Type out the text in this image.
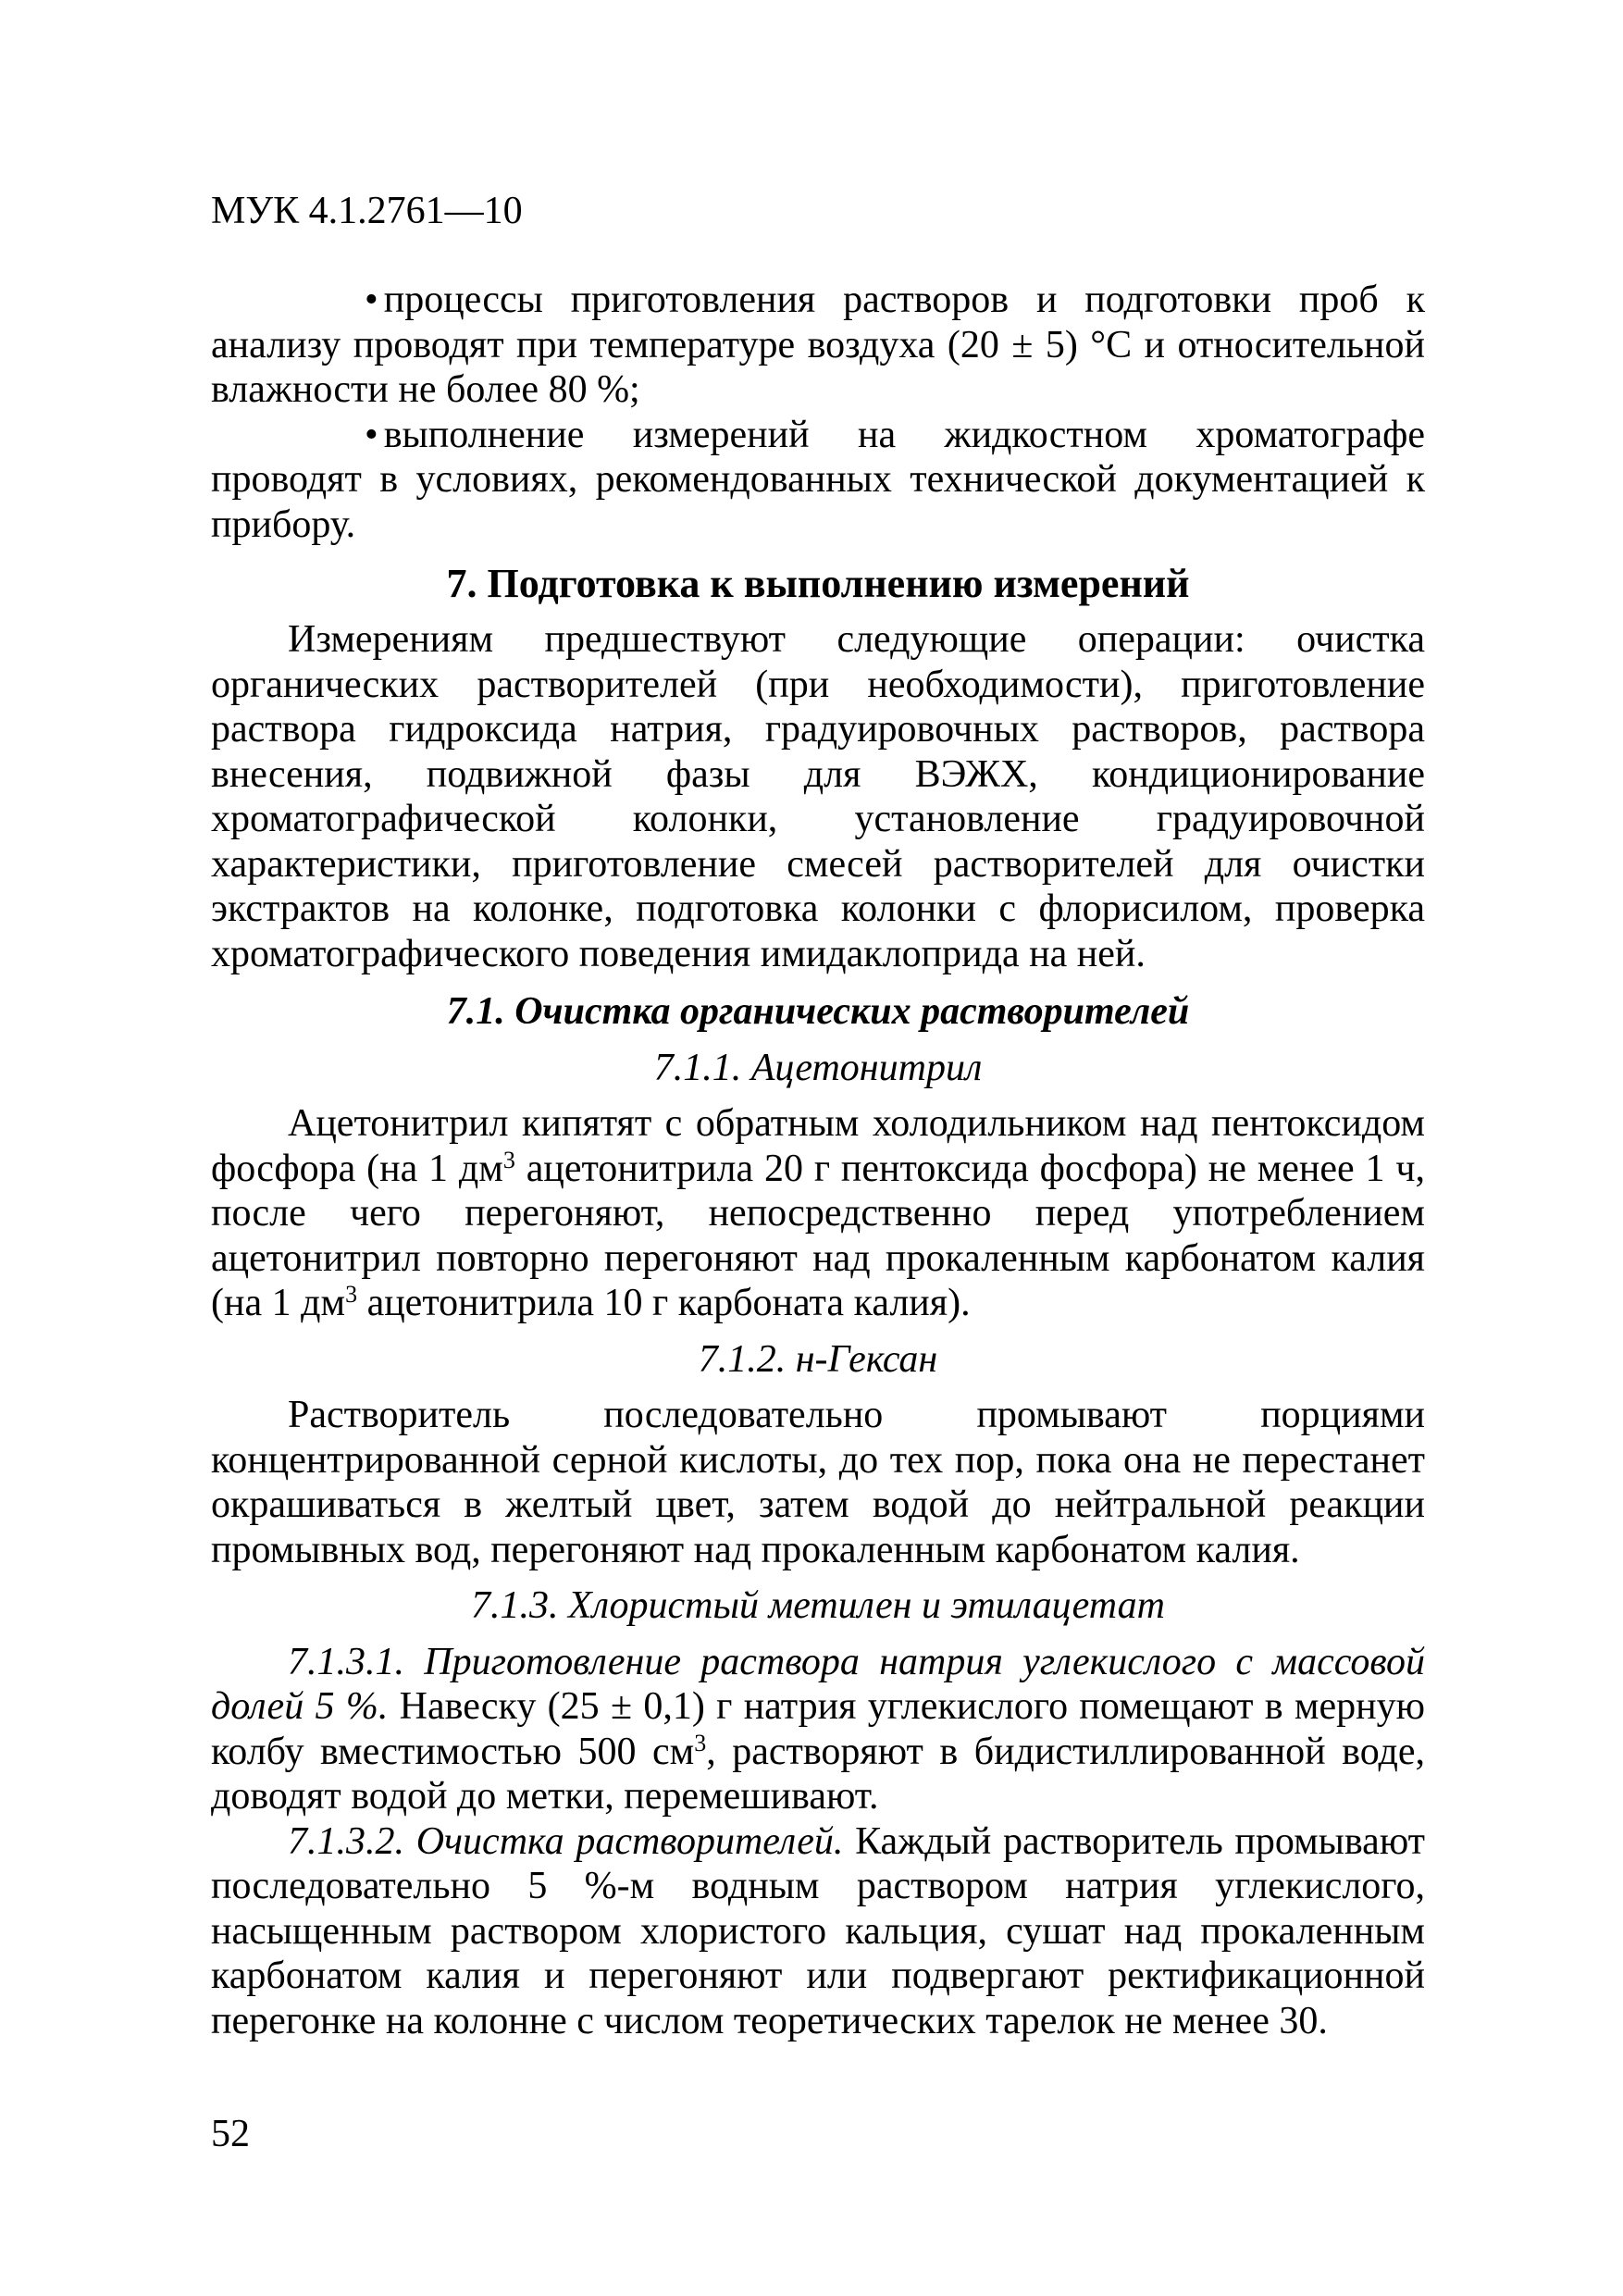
МУК 4.1.2761—10

• процессы приготовления растворов и подготовки проб к анализу проводят при температуре воздуха (20 ± 5) °С и относительной влажности не более 80 %;

• выполнение измерений на жидкостном хроматографе проводят в условиях, рекомендованных технической документацией к прибору.

7. Подготовка к выполнению измерений

Измерениям предшествуют следующие операции: очистка органических растворителей (при необходимости), приготовление раствора гидроксида натрия, градуировочных растворов, раствора внесения, подвижной фазы для ВЭЖХ, кондиционирование хроматографической колонки, установление градуировочной характеристики, приготовление смесей растворителей для очистки экстрактов на колонке, подготовка колонки с флорисилом, проверка хроматографического поведения имидаклоприда на ней.

7.1. Очистка органических растворителей
7.1.1. Ацетонитрил

Ацетонитрил кипятят с обратным холодильником над пентоксидом фосфора (на 1 $дм^3$ ацетонитрила 20 г пентоксида фосфора) не менее 1 ч, после чего перегоняют, непосредственно перед употреблением ацетонитрил повторно перегоняют над прокаленным карбонатом калия (на 1 $дм^3$ ацетонитрила 10 г карбоната калия).

7.1.2. н-Гексан

Растворитель последовательно промывают порциями концентрированной серной кислоты, до тех пор, пока она не перестанет окрашиваться в желтый цвет, затем водой до нейтральной реакции промывных вод, перегоняют над прокаленным карбонатом калия.

7.1.3. Хлористый метилен и этилацетат

7.1.3.1. Приготовление раствора натрия углекислого с массовой долей 5 %. Навеску (25 ± 0,1) г натрия углекислого помещают в мерную колбу вместимостью 500 $см^3$, растворяют в бидистиллированной воде, доводят водой до метки, перемешивают.

7.1.3.2. Очистка растворителей. Каждый растворитель промывают последовательно 5 %-м водным раствором натрия углекислого, насыщенным раствором хлористого кальция, сушат над прокаленным карбонатом калия и перегоняют или подвергают ректификационной перегонке на колонне с числом теоретических тарелок не менее 30.

52
